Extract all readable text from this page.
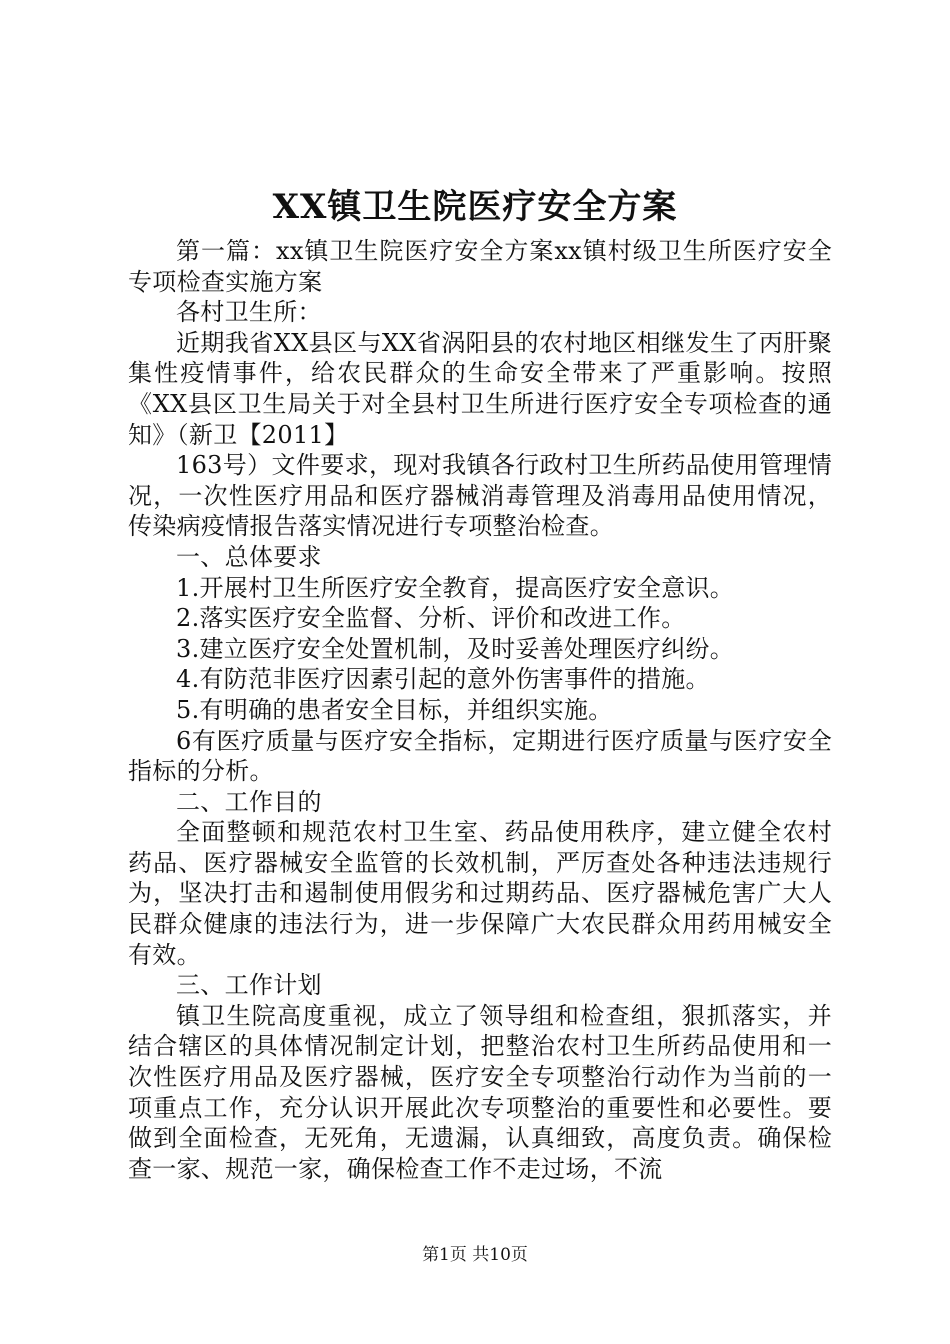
XX镇卫生院医疗安全方案

第一篇：xx镇卫生院医疗安全方案xx镇村级卫生所医疗安全专项检查实施方案

各村卫生所：

近期我省XX县区与XX省涡阳县的农村地区相继发生了丙肝聚集性疫情事件，给农民群众的生命安全带来了严重影响。按照《XX县区卫生局关于对全县村卫生所进行医疗安全专项检查的通知》（新卫【2011】

163号）文件要求，现对我镇各行政村卫生所药品使用管理情况，一次性医疗用品和医疗器械消毒管理及消毒用品使用情况，传染病疫情报告落实情况进行专项整治检查。

一、总体要求

1.开展村卫生所医疗安全教育，提高医疗安全意识。

2.落实医疗安全监督、分析、评价和改进工作。

3.建立医疗安全处置机制，及时妥善处理医疗纠纷。

4.有防范非医疗因素引起的意外伤害事件的措施。

5.有明确的患者安全目标，并组织实施。

6有医疗质量与医疗安全指标，定期进行医疗质量与医疗安全指标的分析。

二、工作目的

全面整顿和规范农村卫生室、药品使用秩序，建立健全农村药品、医疗器械安全监管的长效机制，严厉查处各种违法违规行为，坚决打击和遏制使用假劣和过期药品、医疗器械危害广大人民群众健康的违法行为，进一步保障广大农民群众用药用械安全有效。

三、工作计划

镇卫生院高度重视，成立了领导组和检查组，狠抓落实，并结合辖区的具体情况制定计划，把整治农村卫生所药品使用和一次性医疗用品及医疗器械，医疗安全专项整治行动作为当前的一项重点工作，充分认识开展此次专项整治的重要性和必要性。要做到全面检查，无死角，无遗漏，认真细致，高度负责。确保检查一家、规范一家，确保检查工作不走过场，不流

第1页 共10页
